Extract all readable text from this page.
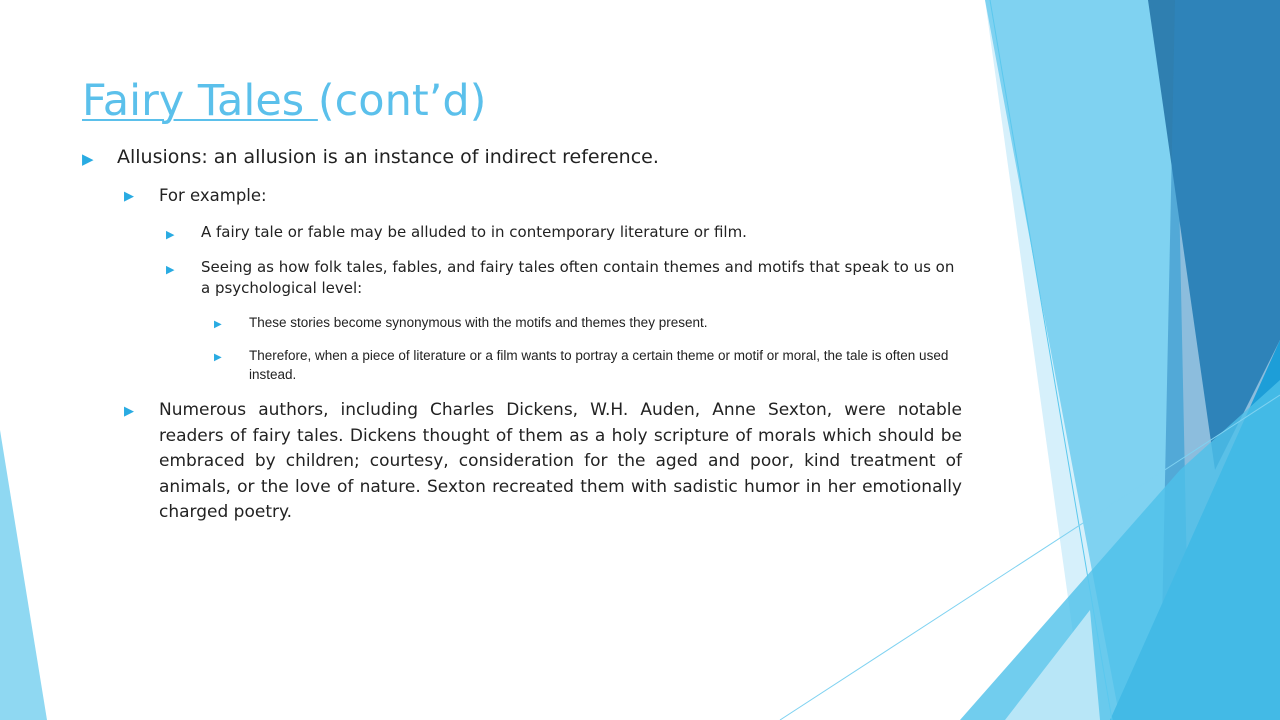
Fairy Tales (cont’d)
▶ Allusions: an allusion is an instance of indirect reference.
▶ For example:
▶ A fairy tale or fable may be alluded to in contemporary literature or film.
▶ Seeing as how folk tales, fables, and fairy tales often contain themes and motifs that speak to us on a psychological level:
▶ These stories become synonymous with the motifs and themes they present.
▶ Therefore, when a piece of literature or a film wants to portray a certain theme or motif or moral, the tale is often used instead.
▶ Numerous authors, including Charles Dickens, W.H. Auden, Anne Sexton, were notable readers of fairy tales. Dickens thought of them as a holy scripture of morals which should be embraced by children; courtesy, consideration for the aged and poor, kind treatment of animals, or the love of nature. Sexton recreated them with sadistic humor in her emotionally charged poetry.
